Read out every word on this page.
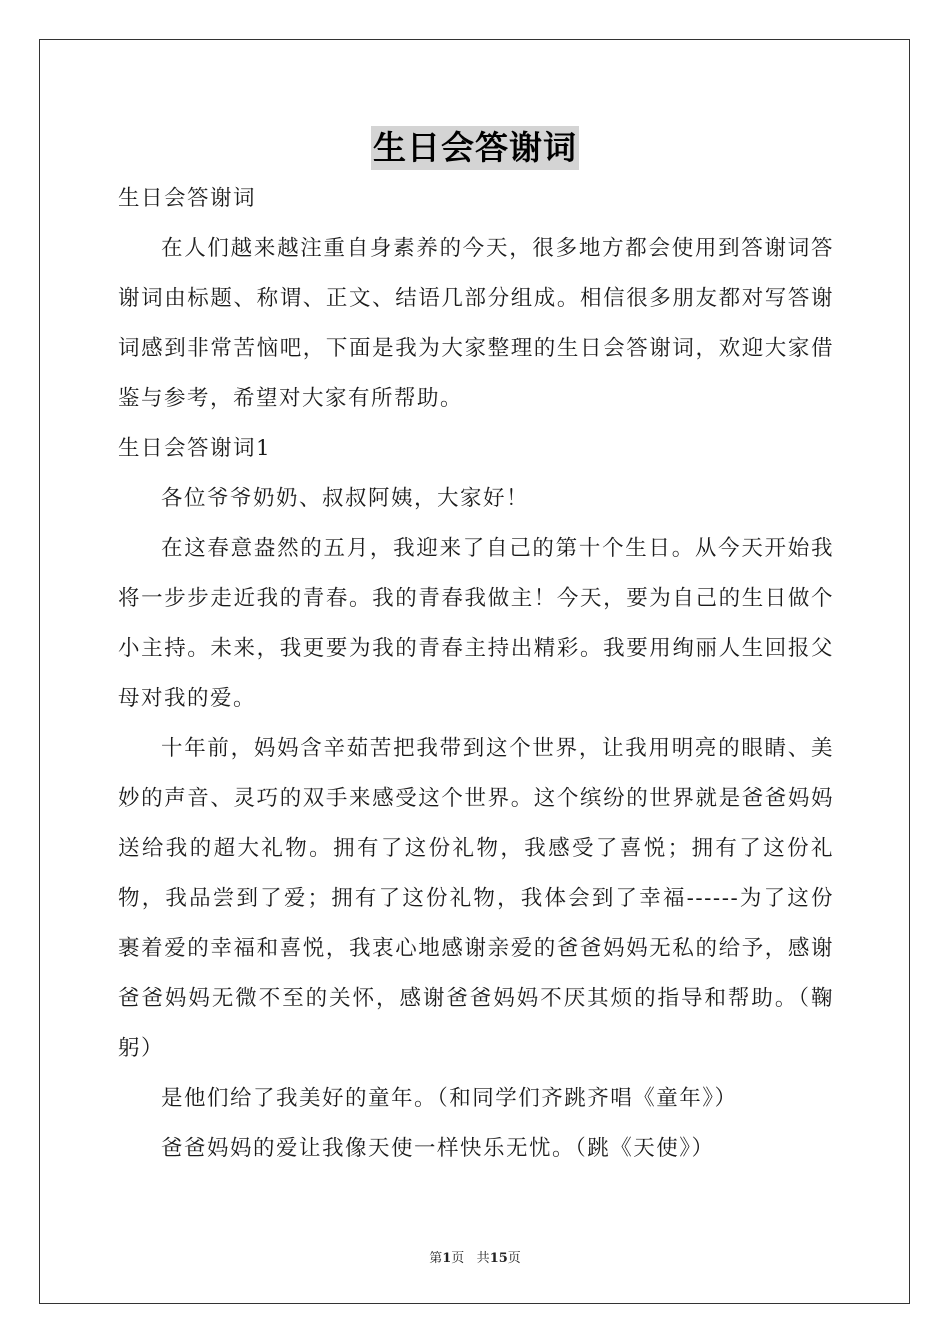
生日会答谢词

生日会答谢词

在人们越来越注重自身素养的今天，很多地方都会使用到答谢词答谢词由标题、称谓、正文、结语几部分组成。相信很多朋友都对写答谢词感到非常苦恼吧，下面是我为大家整理的生日会答谢词，欢迎大家借鉴与参考，希望对大家有所帮助。

生日会答谢词1

各位爷爷奶奶、叔叔阿姨，大家好！

在这春意盎然的五月，我迎来了自己的第十个生日。从今天开始我将一步步走近我的青春。我的青春我做主！今天，要为自己的生日做个小主持。未来，我更要为我的青春主持出精彩。我要用绚丽人生回报父母对我的爱。

十年前，妈妈含辛茹苦把我带到这个世界，让我用明亮的眼睛、美妙的声音、灵巧的双手来感受这个世界。这个缤纷的世界就是爸爸妈妈送给我的超大礼物。拥有了这份礼物，我感受了喜悦；拥有了这份礼物，我品尝到了爱；拥有了这份礼物，我体会到了幸福------为了这份裹着爱的幸福和喜悦，我衷心地感谢亲爱的爸爸妈妈无私的给予，感谢爸爸妈妈无微不至的关怀，感谢爸爸妈妈不厌其烦的指导和帮助。（鞠躬）

是他们给了我美好的童年。（和同学们齐跳齐唱《童年》）

爸爸妈妈的爱让我像天使一样快乐无忧。（跳《天使》）

第1页 共15页
